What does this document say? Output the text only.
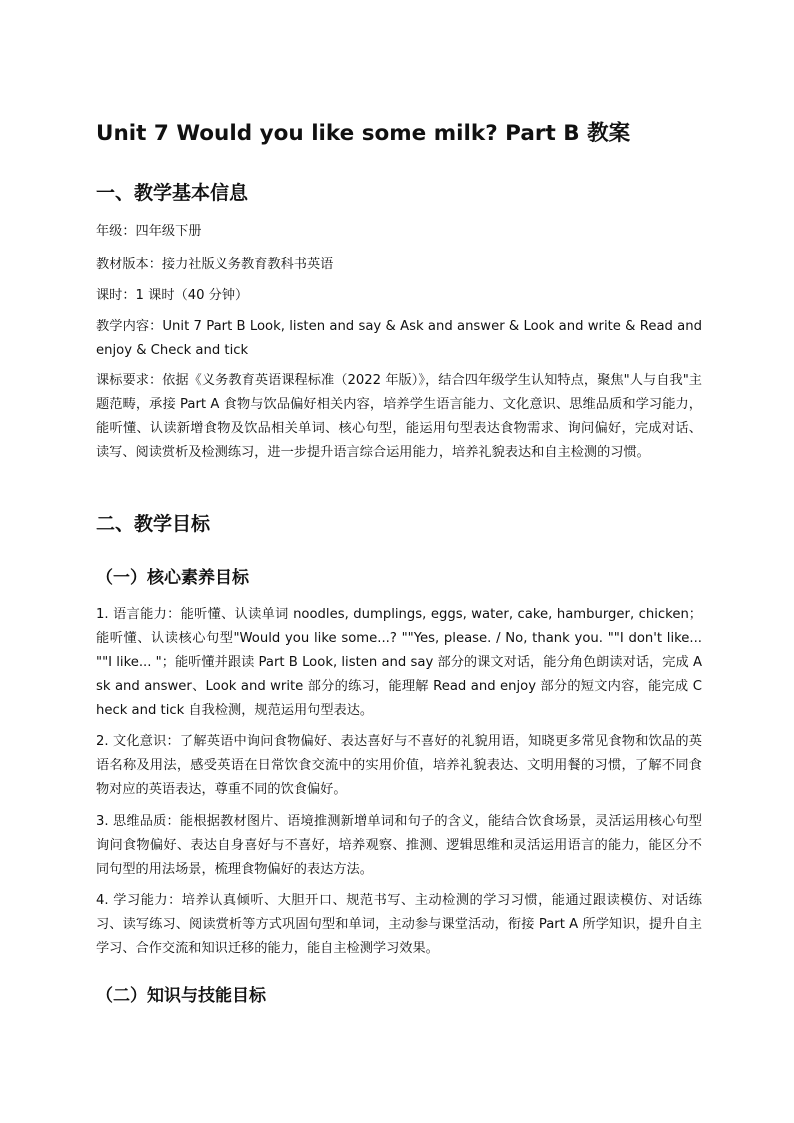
Unit 7 Would you like some milk? Part B 教案
一、教学基本信息
年级：四年级下册
教材版本：接力社版义务教育教科书英语
课时：1 课时（40 分钟）
教学内容：Unit 7 Part B Look, listen and say & Ask and answer & Look and write & Read and enjoy & Check and tick
课标要求：依据《义务教育英语课程标准（2022 年版）》，结合四年级学生认知特点，聚焦"人与自我"主题范畴，承接 Part A 食物与饮品偏好相关内容，培养学生语言能力、文化意识、思维品质和学习能力，能听懂、认读新增食物及饮品相关单词、核心句型，能运用句型表达食物需求、询问偏好，完成对话、读写、阅读赏析及检测练习，进一步提升语言综合运用能力，培养礼貌表达和自主检测的习惯。
二、教学目标
（一）核心素养目标
1. 语言能力：能听懂、认读单词 noodles, dumplings, eggs, water, cake, hamburger, chicken；能听懂、认读核心句型"Would you like some...? ""Yes, please. / No, thank you. ""I don't like... ""I like... "；能听懂并跟读 Part B Look, listen and say 部分的课文对话，能分角色朗读对话，完成 Ask and answer、Look and write 部分的练习，能理解 Read and enjoy 部分的短文内容，能完成 Check and tick 自我检测，规范运用句型表达。
2. 文化意识：了解英语中询问食物偏好、表达喜好与不喜好的礼貌用语，知晓更多常见食物和饮品的英语名称及用法，感受英语在日常饮食交流中的实用价值，培养礼貌表达、文明用餐的习惯，了解不同食物对应的英语表达，尊重不同的饮食偏好。
3. 思维品质：能根据教材图片、语境推测新增单词和句子的含义，能结合饮食场景，灵活运用核心句型询问食物偏好、表达自身喜好与不喜好，培养观察、推测、逻辑思维和灵活运用语言的能力，能区分不同句型的用法场景，梳理食物偏好的表达方法。
4. 学习能力：培养认真倾听、大胆开口、规范书写、主动检测的学习习惯，能通过跟读模仿、对话练习、读写练习、阅读赏析等方式巩固句型和单词，主动参与课堂活动，衔接 Part A 所学知识，提升自主学习、合作交流和知识迁移的能力，能自主检测学习效果。
（二）知识与技能目标
